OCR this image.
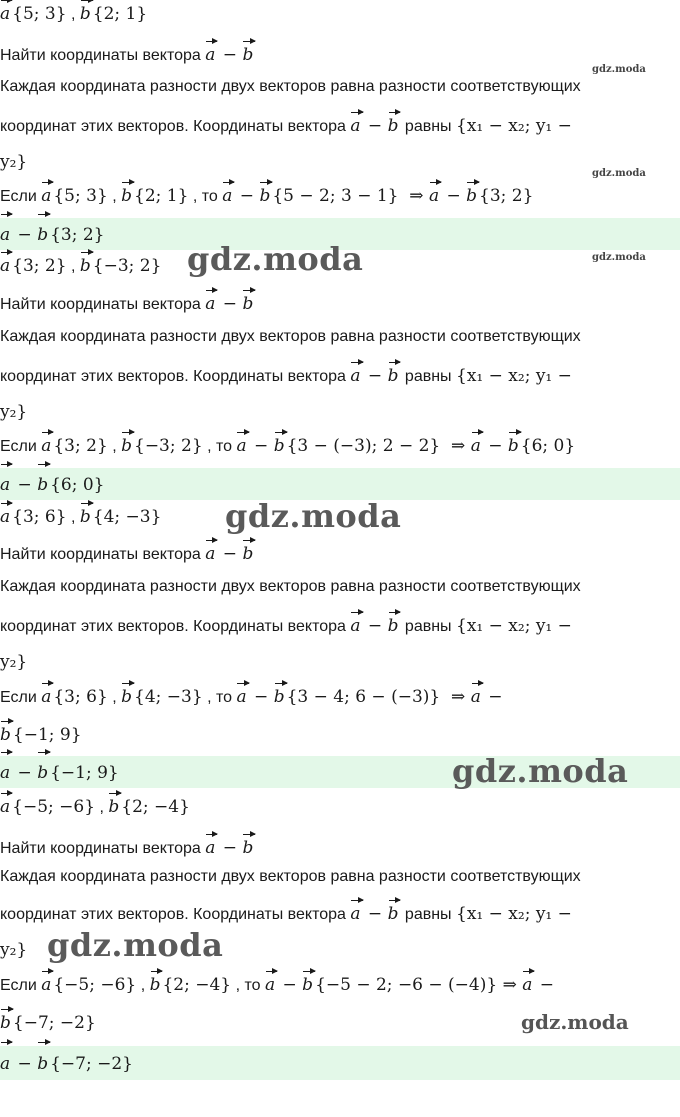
a {5; 3} , b {2; 1}
Найти координаты вектора a − b
Каждая координата разности двух векторов равна разности соответствующих
координат этих векторов. Координаты вектора a − b равны {x₁ − x₂; y₁ −
y₂}
Если a {5; 3} , b {2; 1} , то a − b {5 − 2; 3 − 1}  ⇒ a − b {3; 2}
a − b {3; 2}
a {3; 2} , b {−3; 2}
Найти координаты вектора a − b
Каждая координата разности двух векторов равна разности соответствующих
координат этих векторов. Координаты вектора a − b равны {x₁ − x₂; y₁ −
y₂}
Если a {3; 2} , b {−3; 2} , то a − b {3 − (−3); 2 − 2}  ⇒ a − b {6; 0}
a − b {6; 0}
a {3; 6} , b {4; −3}
Найти координаты вектора a − b
Каждая координата разности двух векторов равна разности соответствующих
координат этих векторов. Координаты вектора a − b равны {x₁ − x₂; y₁ −
y₂}
Если a {3; 6} , b {4; −3} , то a − b {3 − 4; 6 − (−3)}  ⇒ a −
b {−1; 9}
a − b {−1; 9}
a {−5; −6} , b {2; −4}
Найти координаты вектора a − b
Каждая координата разности двух векторов равна разности соответствующих
координат этих векторов. Координаты вектора a − b равны {x₁ − x₂; y₁ −
y₂}
Если a {−5; −6} , b {2; −4} , то a − b {−5 − 2; −6 − (−4)} ⇒ a −
b {−7; −2}
a − b {−7; −2}
gdz.moda
gdz.moda
gdz.moda
gdz.moda
gdz.moda
gdz.moda
gdz.moda
gdz.moda
